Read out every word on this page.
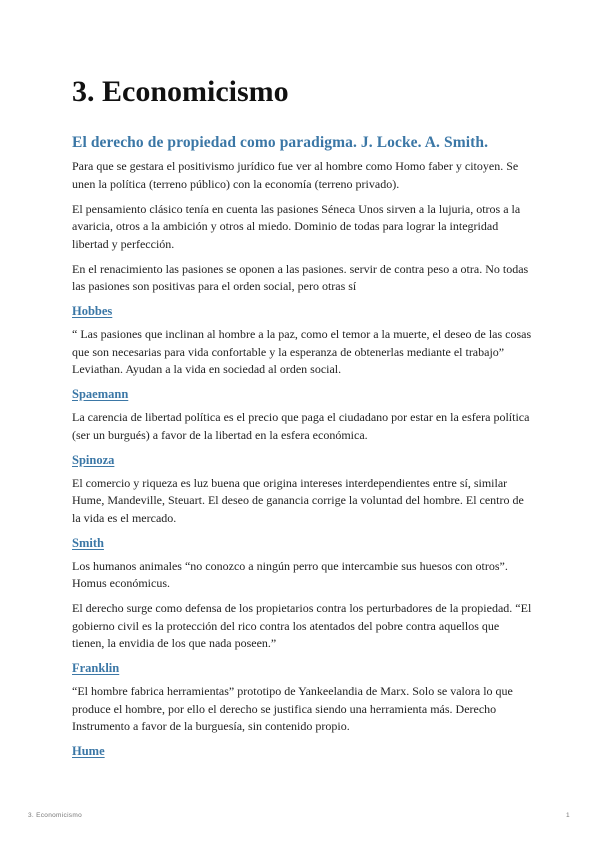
3. Economicismo
El derecho de propiedad como paradigma. J. Locke. A. Smith.

Para que se gestara el positivismo jurídico fue ver al hombre como Homo faber y citoyen. Se unen la política (terreno público) con la economía (terreno privado).

El pensamiento clásico tenía en cuenta las pasiones Séneca Unos sirven a la lujuria, otros a la avaricia, otros a la ambición y otros al miedo. Dominio de todas para lograr la integridad libertad y perfección.

En el renacimiento las pasiones se oponen a las pasiones. servir de contra peso a otra. No todas las pasiones son positivas para el orden social, pero otras sí

Hobbes

“ Las pasiones que inclinan al hombre a la paz, como el temor a la muerte, el deseo de las cosas que son necesarias para vida confortable y la esperanza de obtenerlas mediante el trabajo” Leviathan. Ayudan a la vida en sociedad al orden social.

Spaemann

La carencia de libertad política es el precio que paga el ciudadano por estar en la esfera política (ser un burgués) a favor de la libertad en la esfera económica.

Spinoza

El comercio y riqueza es luz buena que origina intereses interdependientes entre sí, similar Hume, Mandeville, Steuart. El deseo de ganancia corrige la voluntad del hombre. El centro de la vida es el mercado.

Smith

Los humanos animales “no conozco a ningún perro que intercambie sus huesos con otros”. Homus económicus.

El derecho surge como defensa de los propietarios contra los perturbadores de la propiedad. “El gobierno civil es la protección del rico contra los atentados del pobre contra aquellos que tienen, la envidia de los que nada poseen.”

Franklin

“El hombre fabrica herramientas” prototipo de Yankeelandia de Marx. Solo se valora lo que produce el hombre, por ello el derecho se justifica siendo una herramienta más. Derecho Instrumento a favor de la burguesía, sin contenido propio.

Hume
3. Economicismo	1
